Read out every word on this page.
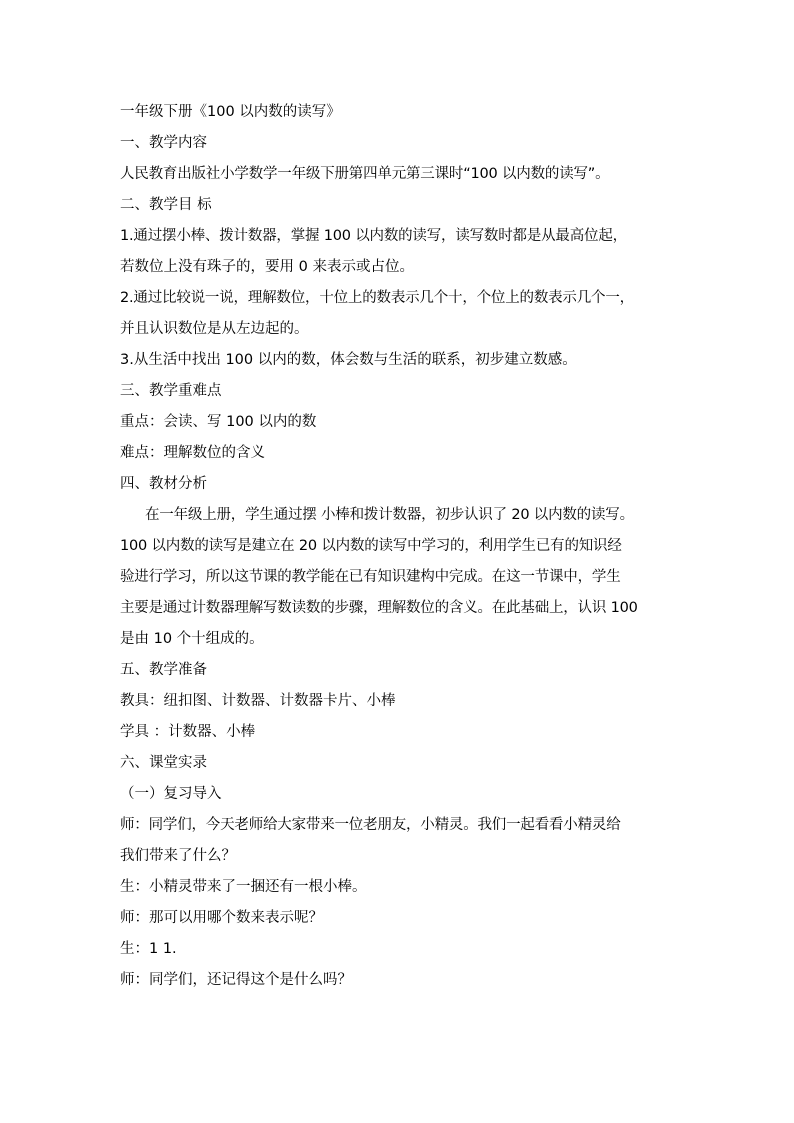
一年级下册《100 以内数的读写》
一、教学内容
人民教育出版社小学数学一年级下册第四单元第三课时“100 以内数的读写”。
二、教学目 标
1.通过摆小棒、拨计数器，掌握 100 以内数的读写，读写数时都是从最高位起，
若数位上没有珠子的，要用 0 来表示或占位。
2.通过比较说一说，理解数位，十位上的数表示几个十，个位上的数表示几个一，
并且认识数位是从左边起的。
3.从生活中找出 100 以内的数，体会数与生活的联系，初步建立数感。
三、教学重难点
重点：会读、写 100 以内的数
难点：理解数位的含义
四、教材分析
在一年级上册，学生通过摆 小棒和拨计数器，初步认识了 20 以内数的读写。
100 以内数的读写是建立在 20 以内数的读写中学习的，利用学生已有的知识经
验进行学习，所以这节课的教学能在已有知识建构中完成。在这一节课中，学生
主要是通过计数器理解写数读数的步骤，理解数位的含义。在此基础上，认识 100
是由 10 个十组成的。
五、教学准备
教具：纽扣图、计数器、计数器卡片、小棒
学具 ：计数器、小棒
六、课堂实录
（一）复习导入
师：同学们，今天老师给大家带来一位老朋友，小精灵。我们一起看看小精灵给
我们带来了什么？
生：小精灵带来了一捆还有一根小棒。
师：那可以用哪个数来表示呢？
生：1 1.
师：同学们，还记得这个是什么吗？
